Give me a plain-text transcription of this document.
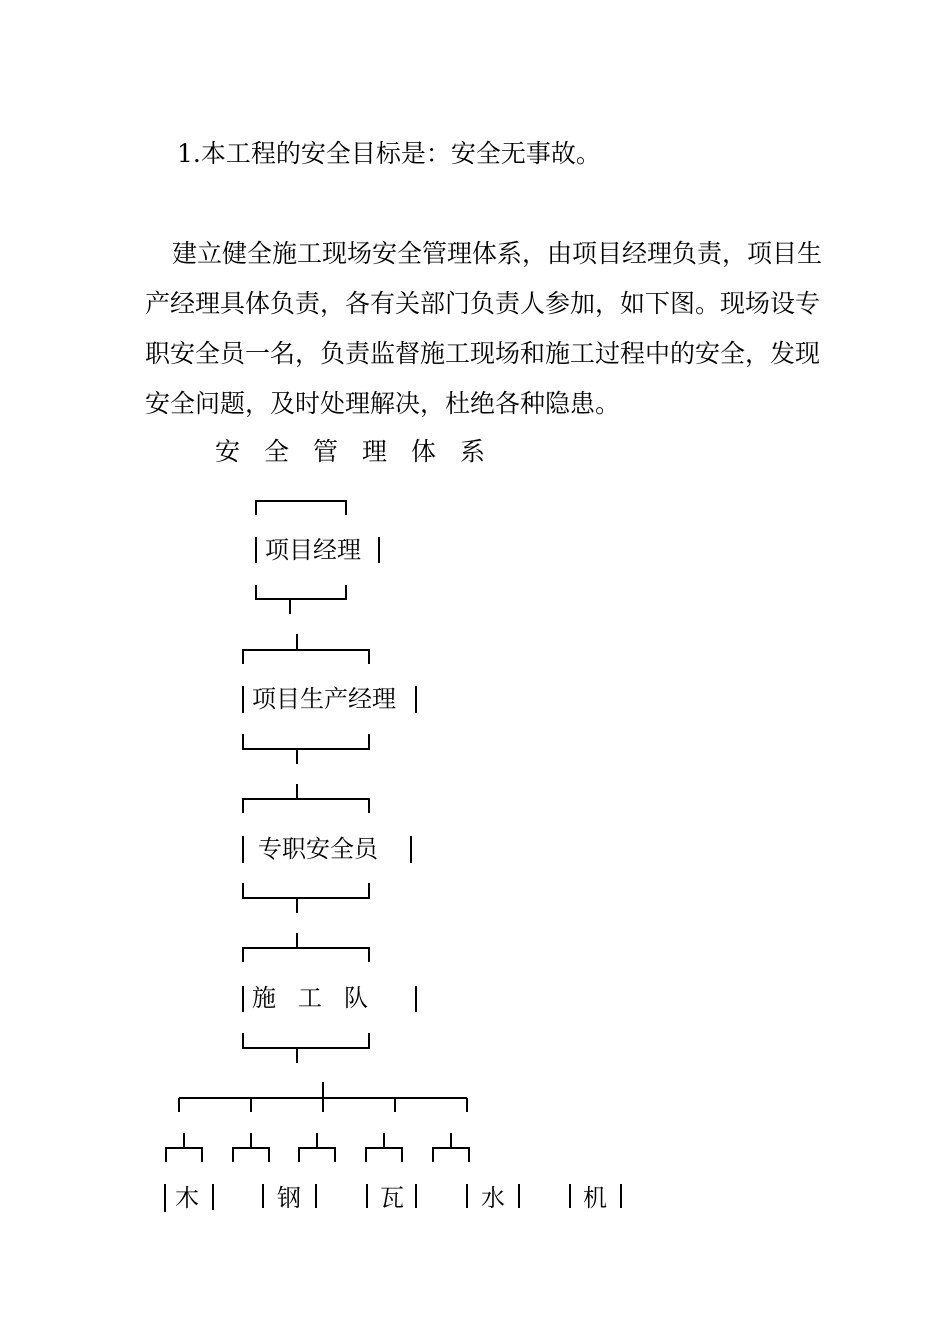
1.本工程的安全目标是：安全无事故。
建立健全施工现场安全管理体系，由项目经理负责，项目生
产经理具体负责，各有关部门负责人参加，如下图。现场设专
职安全员一名，负责监督施工现场和施工过程中的安全，发现
安全问题，及时处理解决，杜绝各种隐患。
安全管理体系
项目经理
项目生产经理
专职安全员
施工队
木	钢	瓦	水	机
